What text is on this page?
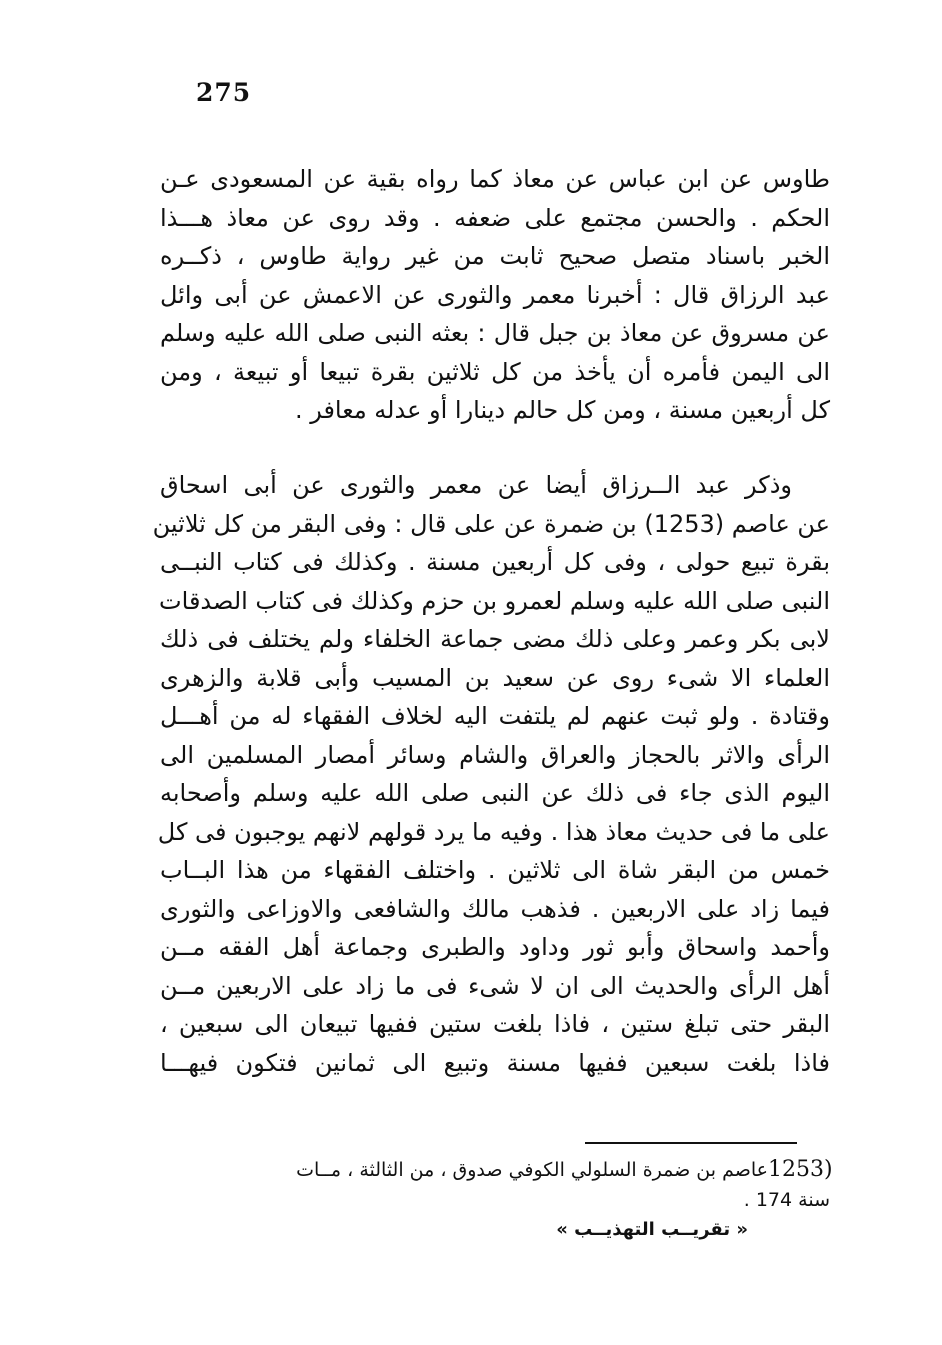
275
طاوس عن ابن عباس عن معاذ كما رواه بقية عن المسعودى عـن
الحكم . والحسن مجتمع على ضعفه . وقد روى عن معاذ هـــذا
الخبر باسناد متصل صحيح ثابت من غير رواية طاوس ، ذكــره
عبد الرزاق قال : أخبرنا معمر والثورى عن الاعمش عن أبى وائل
عن مسروق عن معاذ بن جبل قال : بعثه النبى صلى الله عليه وسلم
الى اليمن فأمره أن يأخذ من كل ثلاثين بقرة تبيعا أو تبيعة ، ومن
كل أربعين مسنة ، ومن كل حالم دينارا أو عدله معافر .
وذكر عبد الــرزاق أيضا عن معمر والثورى عن أبى اسحاق
عن عاصم (1253) بن ضمرة عن على قال : وفى البقر من كل ثلاثين
بقرة تبيع حولى ، وفى كل أربعين مسنة . وكذلك فى كتاب النبــى
النبى صلى الله عليه وسلم لعمرو بن حزم وكذلك فى كتاب الصدقات
لابى بكر وعمر وعلى ذلك مضى جماعة الخلفاء ولم يختلف فى ذلك
العلماء الا شىء روى عن سعيد بن المسيب وأبى قلابة والزهرى
وقتادة . ولو ثبت عنهم لم يلتفت اليه لخلاف الفقهاء له من أهـــل
الرأى والاثر بالحجاز والعراق والشام وسائر أمصار المسلمين الى
اليوم الذى جاء فى ذلك عن النبى صلى الله عليه وسلم وأصحابه
على ما فى حديث معاذ هذا . وفيه ما يرد قولهم لانهم يوجبون فى كل
خمس من البقر شاة الى ثلاثين . واختلف الفقهاء من هذا البــاب
فيما زاد على الاربعين . فذهب مالك والشافعى والاوزاعى والثورى
وأحمد واسحاق وأبو ثور وداود والطبرى وجماعة أهل الفقه مــن
أهل الرأى والحديث الى ان لا شىء فى ما زاد على الاربعين مــن
البقر حتى تبلغ ستين ، فاذا بلغت ستين ففيها تبيعان الى سبعين ،
فاذا بلغت سبعين ففيها مسنة وتبيع الى ثمانين فتكون فيهـــا
1253)
عاصم بن ضمرة السلولي الكوفي صدوق ، من الثالثة ، مــات
سنة 174 .
« تقريــب التهذيــب »
